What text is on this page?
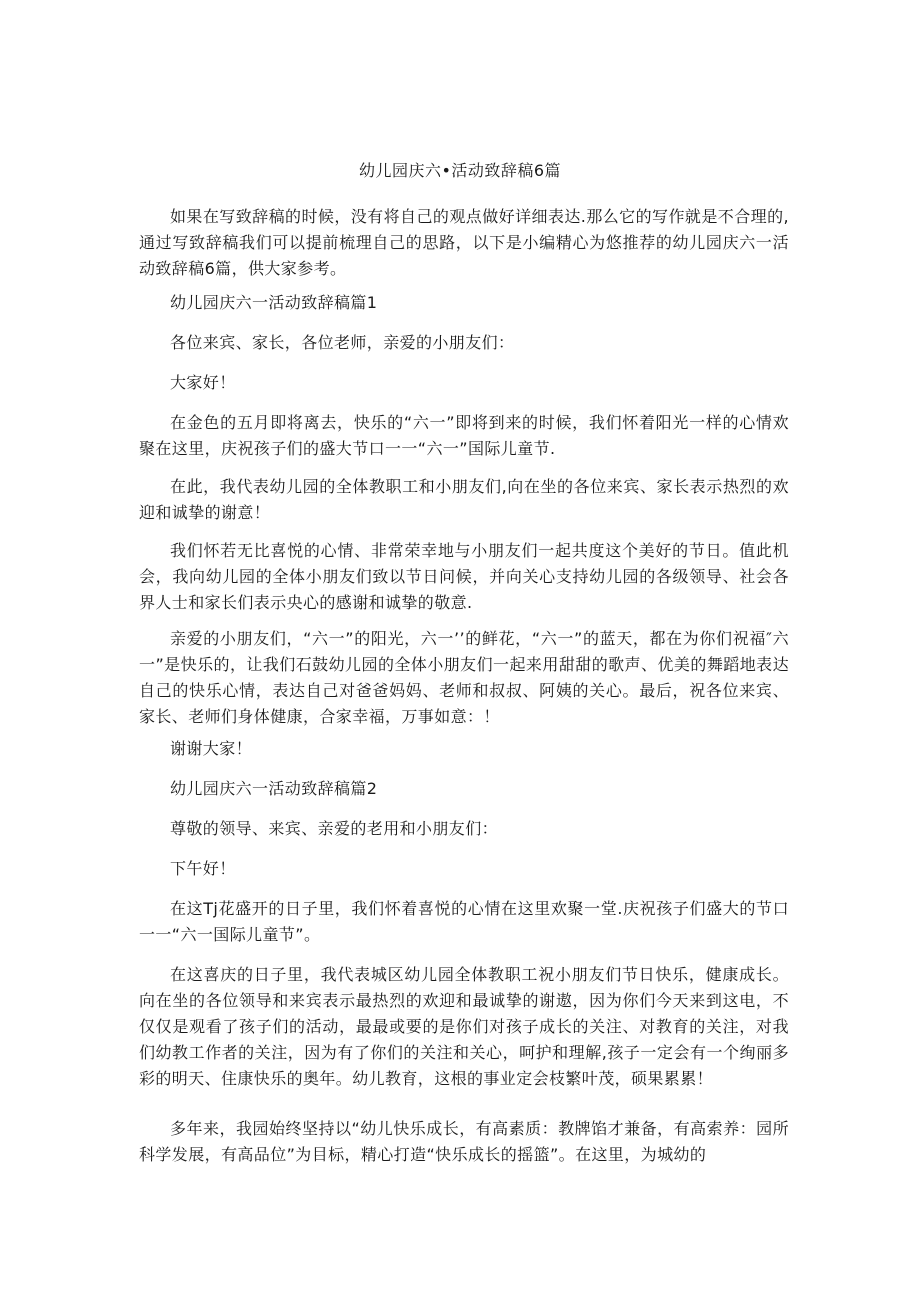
幼儿园庆六•活动致辞稿6篇

如果在写致辞稿的时候，没有将自己的观点做好详细表达.那么它的写作就是不合理的,通过写致辞稿我们可以提前梳理自己的思路，以下是小编精心为悠推荐的幼儿园庆六一活动致辞稿6篇，供大家参考。

幼儿园庆六一活动致辞稿篇1

各位来宾、家长，各位老师，亲爱的小朋友们：

大家好！

在金色的五月即将离去，快乐的“六一”即将到来的时候，我们怀着阳光一样的心情欢聚在这里，庆祝孩子们的盛大节口一一“六一”国际儿童节.

在此，我代表幼儿园的全体教职工和小朋友们,向在坐的各位来宾、家长表示热烈的欢迎和诚挚的谢意！

我们怀若无比喜悦的心情、非常荣幸地与小朋友们一起共度这个美好的节日。值此机会，我向幼儿园的全体小朋友们致以节日问候，并向关心支持幼儿园的各级领导、社会各界人士和家长们表示央心的感谢和诚挚的敬意.

亲爱的小朋友们，“六一”的阳光，六一’’的鲜花，“六一”的蓝天，都在为你们祝福″六一”是快乐的，让我们石鼓幼儿园的全体小朋友们一起来用甜甜的歌声、优美的舞蹈地表达自己的快乐心情，表达自己对爸爸妈妈、老师和叔叔、阿姨的关心。最后，祝各位来宾、家长、老师们身体健康，合家幸福，万事如意：！

谢谢大家！

幼儿园庆六一活动致辞稿篇2

尊敬的领导、来宾、亲爱的老用和小朋友们：

下午好！

在这Tj花盛开的日子里，我们怀着喜悦的心情在这里欢聚一堂.庆祝孩子们盛大的节口一一“六一国际儿童节”。

在这喜庆的日子里，我代表城区幼儿园全体教职工祝小朋友们节日快乐，健康成长。向在坐的各位领导和来宾表示最热烈的欢迎和最诚挚的谢遨，因为你们今天来到这电，不仅仅是观看了孩子们的活动，最最或要的是你们对孩子成长的关注、对教育的关注，对我们幼教工作者的关注，因为有了你们的关注和关心，呵护和理解,孩子一定会有一个绚丽多彩的明天、住康快乐的奥年。幼儿教育，这根的事业定会枝繁叶茂，硕果累累！

多年来，我园始终坚持以“幼儿快乐成长，有高素质：教牌馅才兼备，有高索养：园所科学发展，有高品位”为目标，精心打造“快乐成长的摇篮”。在这里，为城幼的
